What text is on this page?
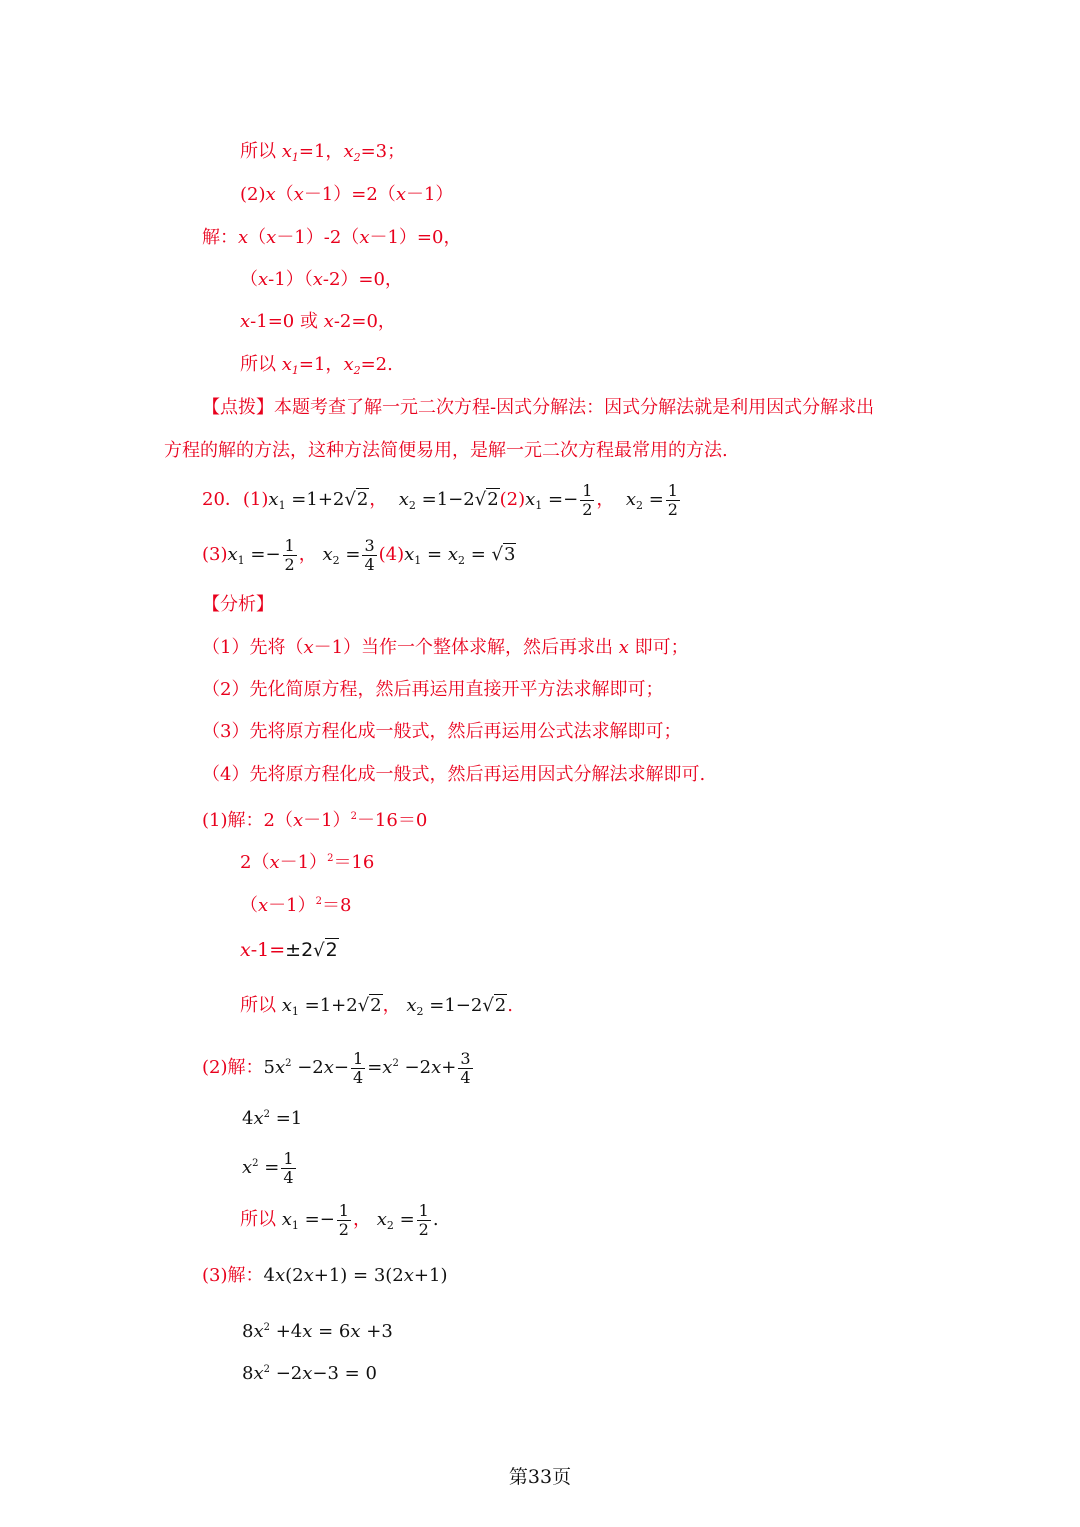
所以 $x_1=1$，$x_2=3$；
(2)x（x－1）=2（x－1）
解：x（x－1）-2（x－1）=0，
（x-1）（x-2）=0，
x-1=0 或 x-2=0，
所以 $x_1=1$，$x_2=2$.
【点拨】本题考查了解一元二次方程-因式分解法：因式分解法就是利用因式分解求出
方程的解的方法，这种方法简便易用，是解一元二次方程最常用的方法.
20．$(1)x_1 =1+2√2$，  $x_2 =1-2√2(2)x_1 =- \frac{1}{2}$ ，  $x_2 = \frac{1}{2}$
$(3)x_1 =- \frac{1}{2}$ ， $x_2 = \frac{3}{4} (4)x_1 = x_2 = √3$
【分析】
（1）先将（x－1）当作一个整体求解，然后再求出 x 即可；
（2）先化简原方程，然后再运用直接开平方法求解即可；
（3）先将原方程化成一般式，然后再运用公式法求解即可；
（4）先将原方程化成一般式，然后再运用因式分解法求解即可.
(1)解：$2(x-1)^2-16=0$
$2(x-1)^2=16$
$(x-1)^2=8$
x-1=±2√2
所以 $x_1 =1+2√2$， $x_2 =1-2√2$.
(2)解：$5x^2 -2x- \frac{1}{4} =x^2 -2x+ \frac{3}{4}$
$4x^2 =1$
$x^2 = \frac{1}{4}$
所以 $x_1 =- \frac{1}{2}$ ， $x_2 = \frac{1}{2}$ .
(3)解：4x(2x+1) = 3(2x+1)
$8x^2 +4x = 6x +3$
$8x^2 -2x-3 = 0$
第33页
